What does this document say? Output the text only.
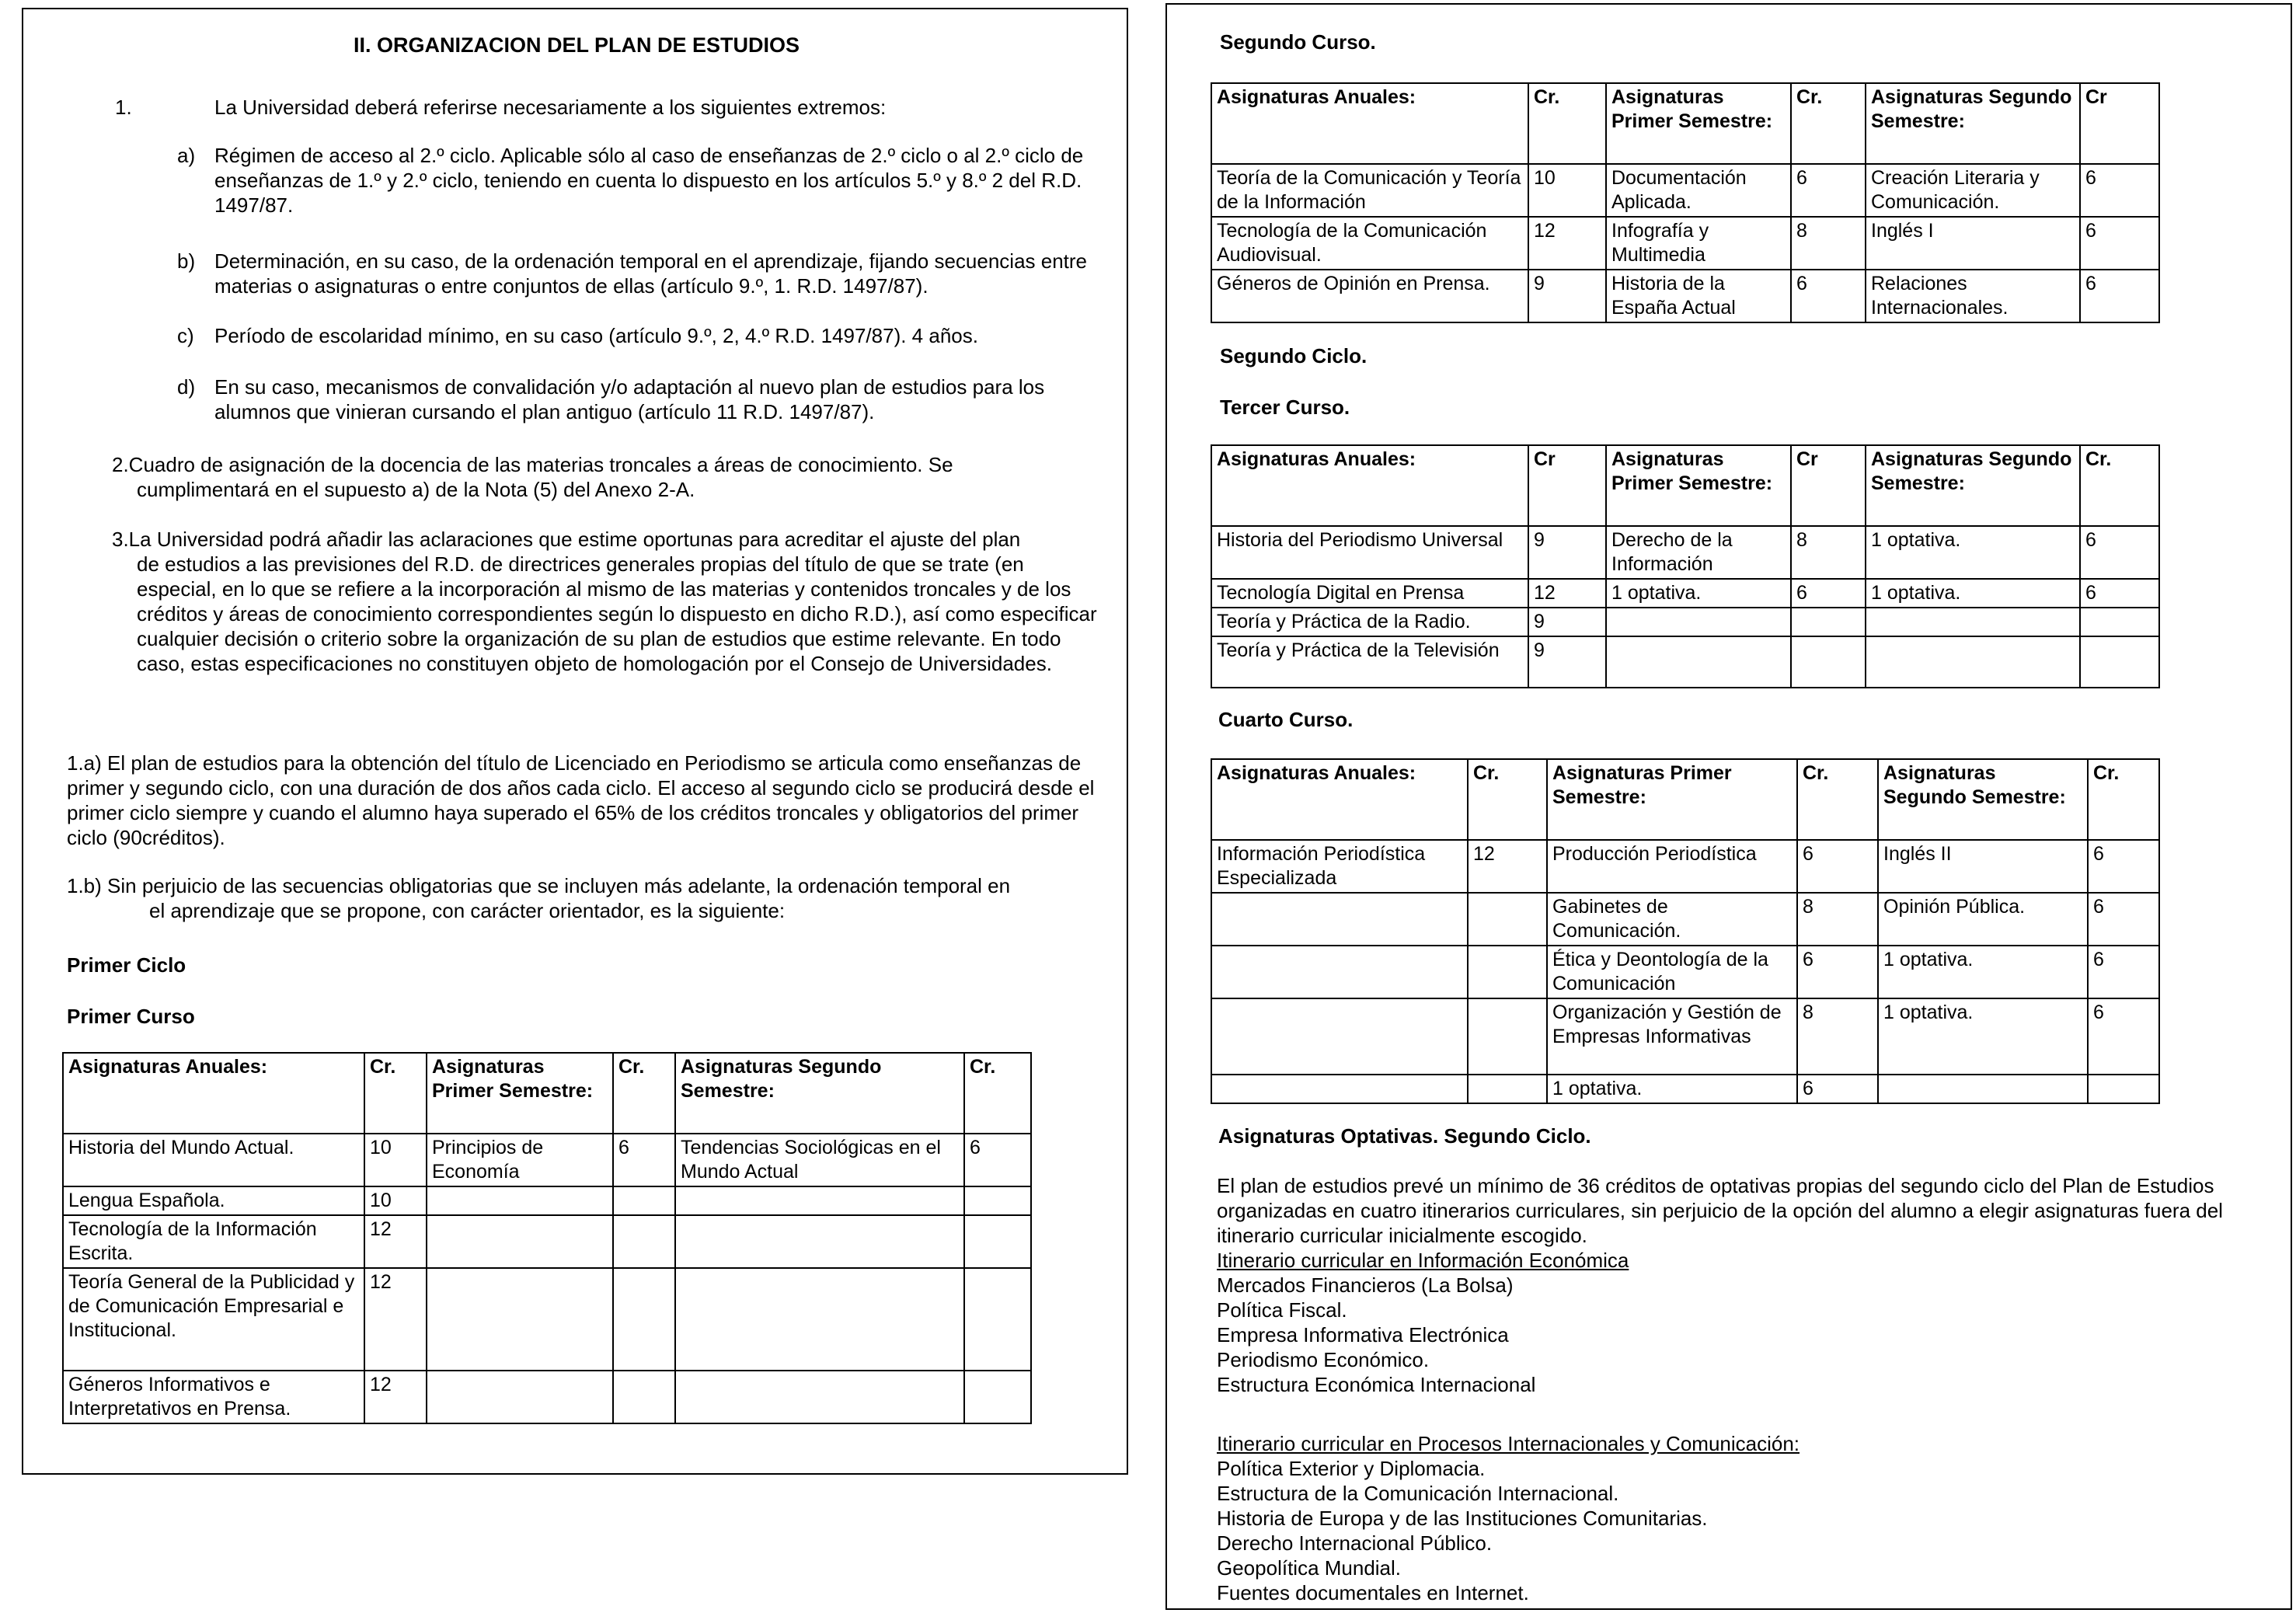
II. ORGANIZACION DEL PLAN DE ESTUDIOS
1.	La Universidad deberá referirse necesariamente a los siguientes extremos:
a) Régimen de acceso al 2.º ciclo. Aplicable sólo al caso de enseñanzas de 2.º ciclo o al 2.º ciclo de enseñanzas de 1.º y 2.º ciclo, teniendo en cuenta lo dispuesto en los artículos 5.º y 8.º 2 del R.D. 1497/87.
b) Determinación, en su caso, de la ordenación temporal en el aprendizaje, fijando secuencias entre materias o asignaturas o entre conjuntos de ellas (artículo 9.º, 1. R.D. 1497/87).
c) Período de escolaridad mínimo, en su caso (artículo 9.º, 2, 4.º R.D. 1497/87). 4 años.
d) En su caso, mecanismos de convalidación y/o adaptación al nuevo plan de estudios para los alumnos que vinieran cursando el plan antiguo (artículo 11 R.D. 1497/87).
2.Cuadro de asignación de la docencia de las materias troncales a áreas de conocimiento. Se
cumplimentará en el supuesto a) de la Nota (5) del Anexo 2-A.
3.La Universidad podrá añadir las aclaraciones que estime oportunas para acreditar el ajuste del plan
de estudios a las previsiones del R.D. de directrices generales propias del título de que se trate (en especial, en lo que se refiere a la incorporación al mismo de las materias y contenidos troncales y de los créditos y áreas de conocimiento correspondientes según lo dispuesto en dicho R.D.), así como especificar cualquier decisión o criterio sobre la organización de su plan de estudios que estime relevante. En todo caso, estas especificaciones no constituyen objeto de homologación por el Consejo de Universidades.
1.a) El plan de estudios para la obtención del título de Licenciado en Periodismo se articula como enseñanzas de primer y segundo ciclo, con una duración de dos años cada ciclo. El acceso al segundo ciclo se producirá desde el primer ciclo siempre y cuando el alumno haya superado el 65% de los créditos troncales y obligatorios del primer ciclo (90créditos).
1.b) Sin perjuicio de las secuencias obligatorias que se incluyen más adelante, la ordenación temporal en
el aprendizaje que se propone, con carácter orientador, es la siguiente:
Primer Ciclo
Primer Curso
Asignaturas Anuales:	Cr.	Asignaturas Primer Semestre:	Cr.	Asignaturas Segundo Semestre:	Cr.
Historia del Mundo Actual.	10	Principios de Economía	6	Tendencias Sociológicas en el Mundo Actual	6
Lengua Española.	10				
Tecnología de la Información Escrita.	12				
Teoría General de la Publicidad y de Comunicación Empresarial e Institucional.	12				
Géneros Informativos e Interpretativos en Prensa.	12				
Segundo Curso.
Asignaturas Anuales:	Cr.	Asignaturas Primer Semestre:	Cr.	Asignaturas Segundo Semestre:	Cr
Teoría de la Comunicación y Teoría de la Información	10	Documentación Aplicada.	6	Creación Literaria y Comunicación.	6
Tecnología de la Comunicación Audiovisual.	12	Infografía y Multimedia	8	Inglés I	6
Géneros de Opinión en Prensa.	9	Historia de la España Actual	6	Relaciones Internacionales.	6
Segundo Ciclo.
Tercer Curso.
Asignaturas Anuales:	Cr	Asignaturas Primer Semestre:	Cr	Asignaturas Segundo Semestre:	Cr.
Historia del Periodismo Universal	9	Derecho de la Información	8	1 optativa.	6
Tecnología Digital en Prensa	12	1 optativa.	6	1 optativa.	6
Teoría y Práctica de la Radio.	9				
Teoría y Práctica de la Televisión	9				
Cuarto Curso.
Asignaturas Anuales:	Cr.	Asignaturas Primer Semestre:	Cr.	Asignaturas Segundo Semestre:	Cr.
Información Periodística Especializada	12	Producción Periodística	6	Inglés II	6
		Gabinetes de Comunicación.	8	Opinión Pública.	6
		Ética y Deontología de la Comunicación	6	1 optativa.	6
		Organización y Gestión de Empresas Informativas	8	1 optativa.	6
		1 optativa.	6		
Asignaturas Optativas. Segundo Ciclo.
El plan de estudios prevé un mínimo de 36 créditos de optativas propias del segundo ciclo del Plan de Estudios organizadas en cuatro itinerarios curriculares, sin perjuicio de la opción del alumno a elegir asignaturas fuera del itinerario curricular inicialmente escogido.
Itinerario curricular en Información Económica
Mercados Financieros (La Bolsa)
Política Fiscal.
Empresa Informativa Electrónica
Periodismo Económico.
Estructura Económica Internacional
Itinerario curricular en Procesos Internacionales y Comunicación:
Política Exterior y Diplomacia.
Estructura de la Comunicación Internacional.
Historia de Europa y de las Instituciones Comunitarias.
Derecho Internacional Público.
Geopolítica Mundial.
Fuentes documentales en Internet.
